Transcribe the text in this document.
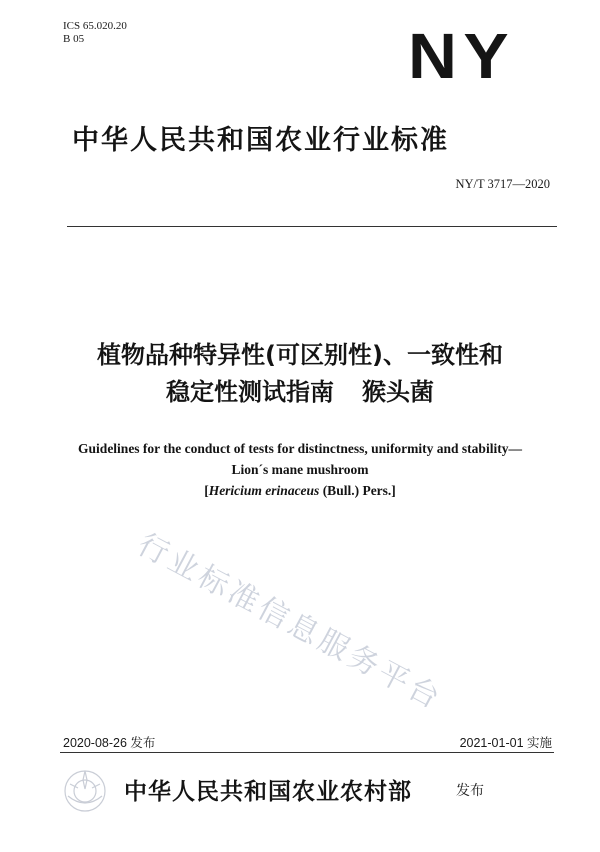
ICS 65.020.20
B 05	NY
中华人民共和国农业行业标准
NY/T 3717—2020
植物品种特异性(可区别性)、一致性和
稳定性测试指南 猴头菌
Guidelines for the conduct of tests for distinctness, uniformity and stability—
Lion´s mane mushroom
[Hericium erinaceus (Bull.) Pers.]
行业标准信息服务平台
2020-08-26 发布	2021-01-01 实施
中华人民共和国农业农村部	发布
